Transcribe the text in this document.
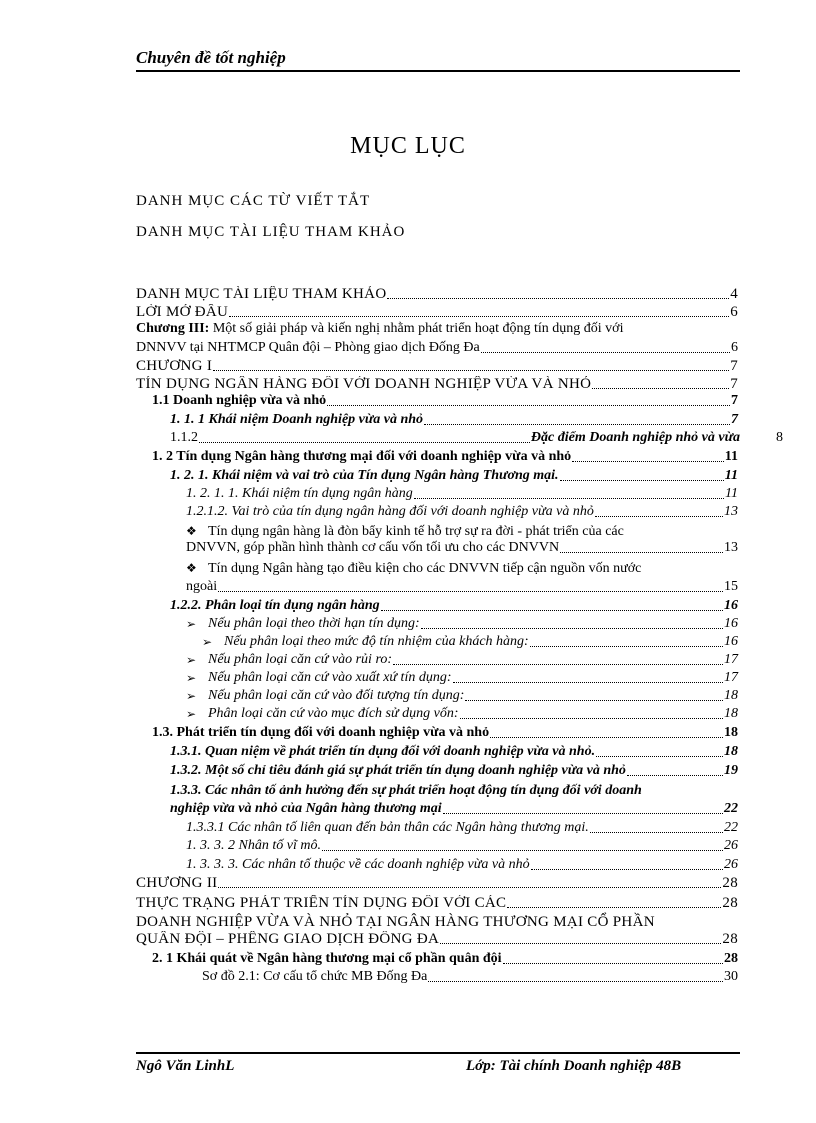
Chuyên đề tốt nghiệp
MỤC LỤC
DANH MỤC CÁC TỪ VIẾT TẮT
DANH MỤC TÀI LIỆU THAM KHẢO
DANH MỤC TÀI LIỆU THAM KHẢO	4
LỜI MỞ ĐẦU	6
Chương III: Một số giải pháp và kiến nghị nhằm phát triển hoạt động tín dụng đối với
DNNVV tại NHTMCP Quân đội – Phòng giao dịch Đống Đa	6
CHƯƠNG I	7
TÍN DỤNG NGÂN HÀNG ĐỐI VỚI DOANH NGHIỆP VỪA VÀ NHỎ	7
1.1 Doanh nghiệp vừa và nhỏ	7
1. 1. 1 Khái niệm Doanh nghiệp vừa và nhỏ	7
1.1.2	Đặc điểm Doanh nghiệp nhỏ và vừa	8
1. 2 Tín dụng Ngân hàng thương mại đối với doanh nghiệp vừa và nhỏ	11
1. 2. 1. Khái niệm và vai trò của Tín dụng Ngân hàng Thương mại.	11
1. 2. 1. 1. Khái niệm tín dụng ngân hàng	11
1.2.1.2. Vai trò của tín dụng ngân hàng đối với doanh nghiệp vừa và nhỏ	13
❖ Tín dụng ngân hàng là đòn bẩy kinh tế hỗ trợ sự ra đời - phát triển của các
DNVVN, góp phần hình thành cơ cấu vốn tối ưu cho các DNVVN	13
❖ Tín dụng Ngân hàng tạo điều kiện cho các DNVVN tiếp cận nguồn vốn nước
ngoài	15
1.2.2. Phân loại tín dụng ngân hàng	16
➢ Nếu phân loại theo thời hạn tín dụng:	16
➢ Nếu phân loại theo mức độ tín nhiệm của khách hàng:	16
➢ Nếu phân loại căn cứ vào rủi ro:	17
➢ Nếu phân loại căn cứ vào xuất xứ tín dụng:	17
➢ Nếu phân loại căn cứ vào đối tượng tín dụng:	18
➢ Phân loại căn cứ vào mục đích sử dụng vốn:	18
1.3. Phát triển tín dụng đối với doanh nghiệp vừa và nhỏ	18
1.3.1. Quan niệm về phát triển tín dụng đối với doanh nghiệp vừa và nhỏ.	18
1.3.2. Một số chỉ tiêu đánh giá sự phát triển tín dụng doanh nghiệp vừa và nhỏ	19
1.3.3. Các nhân tố ảnh hưởng đến sự phát triển hoạt động tín dụng đối với doanh
nghiệp vừa và nhỏ của Ngân hàng thương mại	22
1.3.3.1 Các nhân tố liên quan đến bản thân các Ngân hàng thương mại.	22
1. 3. 3. 2 Nhân tố vĩ mô.	26
1. 3. 3. 3. Các nhân tố thuộc về các doanh nghiệp vừa và nhỏ	26
CHƯƠNG II	28
THỰC TRẠNG PHÁT TRIỂN TÍN DỤNG ĐỐI VỚI CÁC	28
DOANH NGHIỆP VỪA VÀ NHỎ TẠI NGÂN HÀNG THƯƠNG MẠI CỔ PHẦN
QUÂN ĐỘI – PHÊNG GIAO DỊCH ĐỐNG ĐA	28
2. 1 Khái quát về Ngân hàng thương mại cổ phần quân đội	28
Sơ đồ 2.1: Cơ cấu tổ chức MB Đống Đa	30
Ngô Văn LinhL	Lớp: Tài chính Doanh nghiệp 48B
